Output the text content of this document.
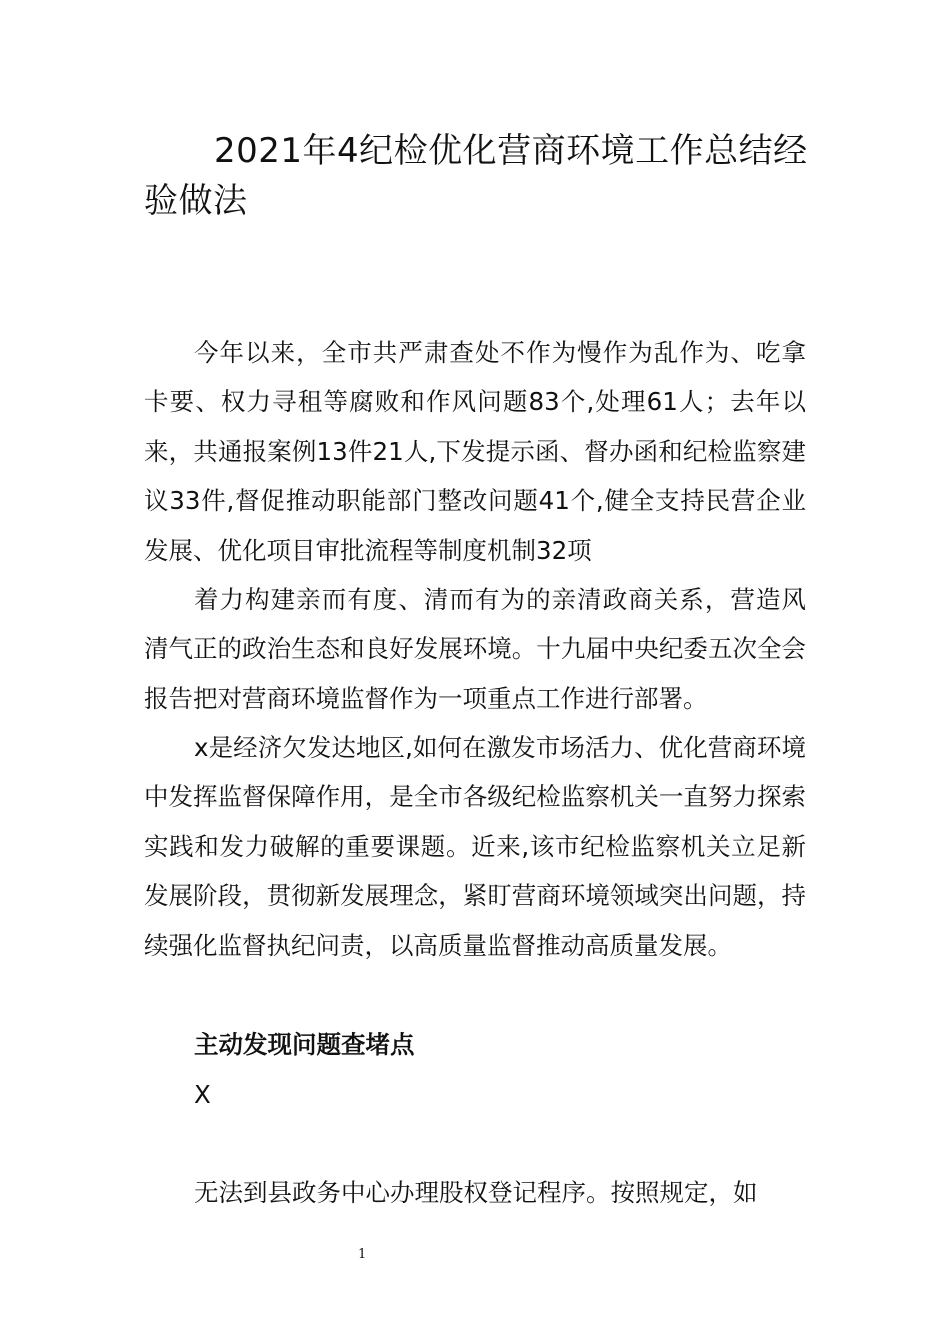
2021年4纪检优化营商环境工作总结经验做法

今年以来，全市共严肃查处不作为慢作为乱作为、吃拿卡要、权力寻租等腐败和作风问题83个,处理61人；去年以来，共通报案例13件21人,下发提示函、督办函和纪检监察建议33件,督促推动职能部门整改问题41个,健全支持民营企业发展、优化项目审批流程等制度机制32项

着力构建亲而有度、清而有为的亲清政商关系，营造风清气正的政治生态和良好发展环境。十九届中央纪委五次全会报告把对营商环境监督作为一项重点工作进行部署。

x是经济欠发达地区,如何在激发市场活力、优化营商环境中发挥监督保障作用，是全市各级纪检监察机关一直努力探索实践和发力破解的重要课题。近来,该市纪检监察机关立足新发展阶段，贯彻新发展理念，紧盯营商环境领域突出问题，持续强化监督执纪问责，以高质量监督推动高质量发展。

主动发现问题查堵点

X

无法到县政务中心办理股权登记程序。按照规定，如

1
